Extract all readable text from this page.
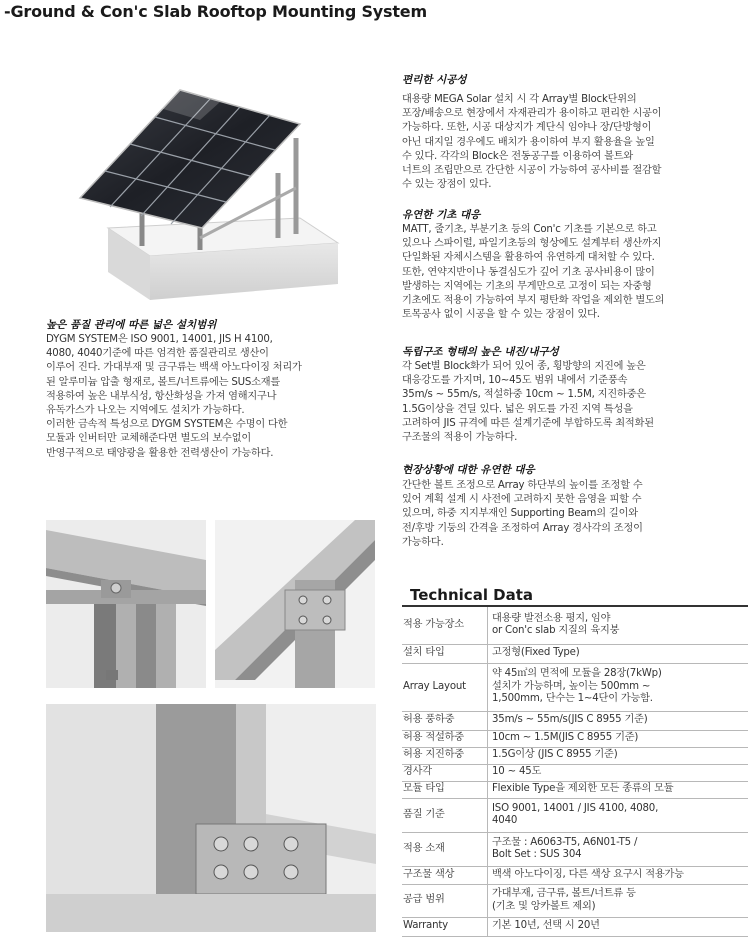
-Ground & Con'c Slab Rooftop Mounting System
높은 품질 관리에 따른 넓은 설치범위
DYGM SYSTEM은 ISO 9001, 14001, JIS H 4100,
4080, 4040기준에 따른 엄격한 품질관리로 생산이
이루어 진다. 가대부재 및 금구류는 백색 아노다이징 처리가
된 알루미늄 압출 형재로, 볼트/너트류에는 SUS소재를
적용하여 높은 내부식성, 항산화성을 가져 염해지구나
유독가스가 나오는 지역에도 설치가 가능하다.
이러한 금속적 특성으로 DYGM SYSTEM은 수명이 다한
모듈과 인버터만 교체해준다면 별도의 보수없이
반영구적으로 태양광을 활용한 전력생산이 가능하다.
편리한 시공성
대용량 MEGA Solar 설치 시 각 Array별 Block단위의
포장/배송으로 현장에서 자재관리가 용이하고 편리한 시공이
가능하다. 또한, 시공 대상지가 계단식 임야나 장/단방형이
아닌 대지일 경우에도 배치가 용이하여 부지 활용율을 높일
수 있다. 각각의 Block은 전동공구를 이용하여 볼트와
너트의 조립만으로 간단한 시공이 가능하여 공사비를 절감할
수 있는 장점이 있다.
유연한 기초 대응
MATT, 줄기초, 부분기초 등의 Con'c 기초를 기본으로 하고
있으나 스파이럴, 파일기초등의 형상에도 설계부터 생산까지
단일화된 자체시스템을 활용하여 유연하게 대처할 수 있다.
또한, 연약지반이나 동결심도가 깊어 기초 공사비용이 많이
발생하는 지역에는 기초의 무게만으로 고정이 되는 자중형
기초에도 적용이 가능하여 부지 평탄화 작업을 제외한 별도의
토목공사 없이 시공을 할 수 있는 장점이 있다.
독립구조 형태의 높은 내진/내구성
각 Set별 Block화가 되어 있어 종, 횡방향의 지진에 높은
대응강도를 가지며, 10~45도 범위 내에서 기준풍속
35m/s ~ 55m/s, 적설하중 10cm ~ 1.5M, 지진하중은
1.5G이상을 견딜 있다. 넓은 위도를 가진 지역 특성을
고려하여 JIS 규격에 따른 설계기준에 부합하도록 최적화된
구조물의 적용이 가능하다.
현장상황에 대한 유연한 대응
간단한 볼트 조정으로 Array 하단부의 높이를 조정할 수
있어 계획 설계 시 사전에 고려하지 못한 음영을 피할 수
있으며, 하중 지지부재인 Supporting Beam의 길이와
전/후방 기둥의 간격을 조정하여 Array 경사각의 조정이
가능하다.
Technical Data
적용 가능장소	대용량 발전소용 평지, 임야
or Con'c slab 지질의 육지붕
설치 타입	고정형(Fixed Type)
Array Layout	약 45㎡의 면적에 모듈을 28장(7kWp)
설치가 가능하며, 높이는 500mm ~
1,500mm, 단수는 1~4단이 가능함.
허용 풍하중	35m/s ~ 55m/s(JIS C 8955 기준)
허용 적설하중	10cm ~ 1.5M(JIS C 8955 기준)
허용 지진하중	1.5G이상 (JIS C 8955 기준)
경사각	10 ~ 45도
모듈 타입	Flexible Type을 제외한 모든 종류의 모듈
품질 기준	ISO 9001, 14001 / JIS 4100, 4080,
4040
적용 소재	구조물 : A6063-T5, A6N01-T5 /
Bolt Set : SUS 304
구조물 색상	백색 아노다이징, 다른 색상 요구시 적용가능
공급 범위	가대부재, 금구류, 볼트/너트류 등
(기초 및 앙카볼트 제외)
Warranty	기본 10년, 선택 시 20년
